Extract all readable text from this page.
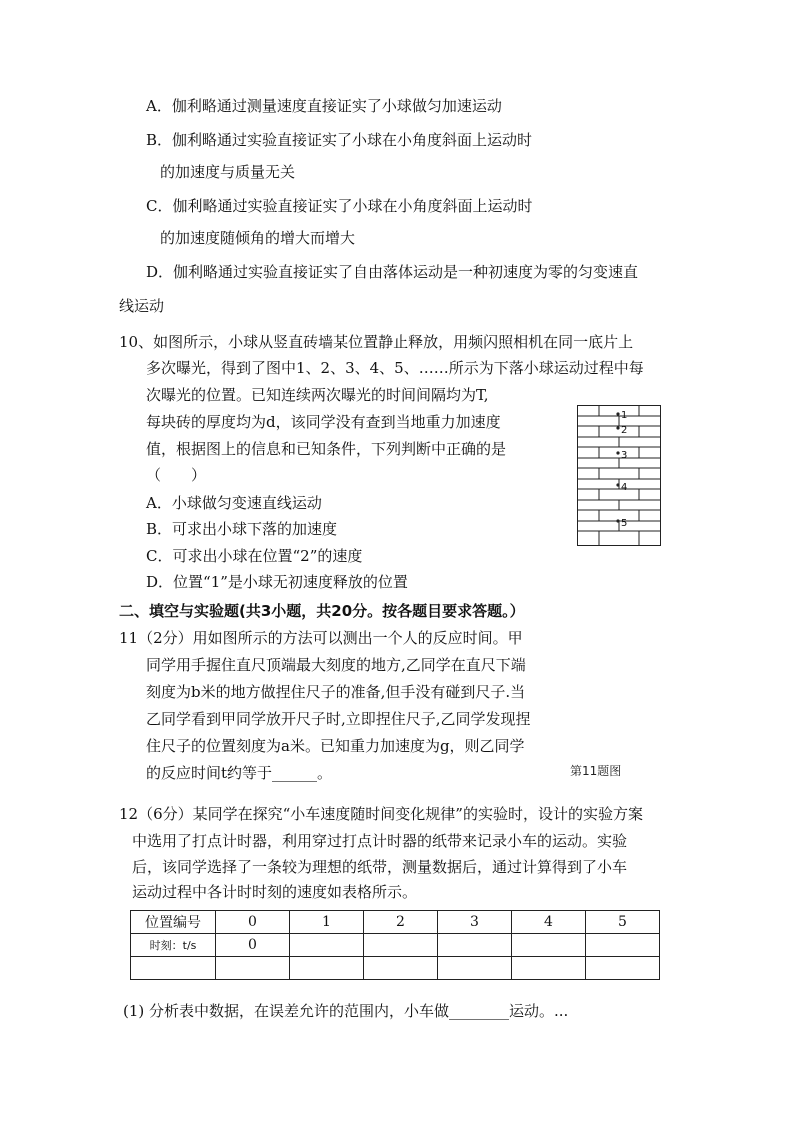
A．伽利略通过测量速度直接证实了小球做匀加速运动
B．伽利略通过实验直接证实了小球在小角度斜面上运动时
的加速度与质量无关
C．伽利略通过实验直接证实了小球在小角度斜面上运动时
的加速度随倾角的增大而增大
D．伽利略通过实验直接证实了自由落体运动是一种初速度为零的匀变速直
线运动
10、如图所示，小球从竖直砖墙某位置静止释放，用频闪照相机在同一底片上
多次曝光，得到了图中1、2、3、4、5、……所示为下落小球运动过程中每
次曝光的位置。已知连续两次曝光的时间间隔均为T,
每块砖的厚度均为d，该同学没有查到当地重力加速度
值，根据图上的信息和已知条件，下列判断中正确的是
（　　）
A．小球做匀变速直线运动
B．可求出小球下落的加速度
C．可求出小球在位置“2”的速度
D．位置“1”是小球无初速度释放的位置
1
2
3
4
5
二、填空与实验题(共3小题，共20分。按各题目要求答题。）
11（2分）用如图所示的方法可以测出一个人的反应时间。甲
同学用手握住直尺顶端最大刻度的地方,乙同学在直尺下端
刻度为b米的地方做捏住尺子的准备,但手没有碰到尺子.当
乙同学看到甲同学放开尺子时,立即捏住尺子,乙同学发现捏
住尺子的位置刻度为a米。已知重力加速度为g，则乙同学
的反应时间t约等于______。	第11题图
12（6分）某同学在探究“小车速度随时间变化规律”的实验时，设计的实验方案
中选用了打点计时器，利用穿过打点计时器的纸带来记录小车的运动。实验
后，该同学选择了一条较为理想的纸带，测量数据后，通过计算得到了小车
运动过程中各计时时刻的速度如表格所示。
位置编号	0	1	2	3	4	5
时刻：t/s	0					

(1) 分析表中数据，在误差允许的范围内，小车做________运动。...
